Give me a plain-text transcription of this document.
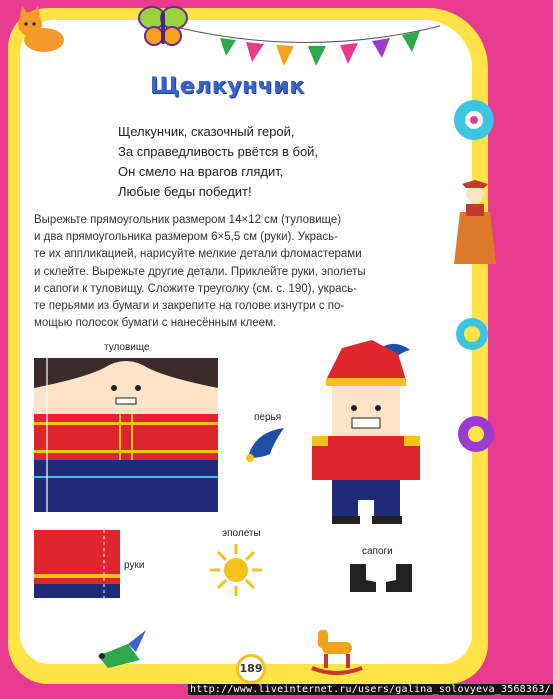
Щелкунчик
Щелкунчик, сказочный герой,
За справедливость рвётся в бой,
Он смело на врагов глядит,
Любые беды победит!
Вырежьте прямоугольник размером 14×12 см (туловище)
и два прямоугольника размером 6×5,5 см (руки). Укрась-
те их аппликацией, нарисуйте мелкие детали фломастерами
и склейте. Вырежьте другие детали. Приклейте руки, эполеты
и сапоги к туловищу. Сложите треуголку (см. с. 190), укрась-
те перьями из бумаги и закрепите на голове изнутри с по-
мощью полосок бумаги с нанесённым клеем.
туловище
руки
перья
эполеты
сапоги
189
http://www.liveinternet.ru/users/galina_solovyeva_3568363/
